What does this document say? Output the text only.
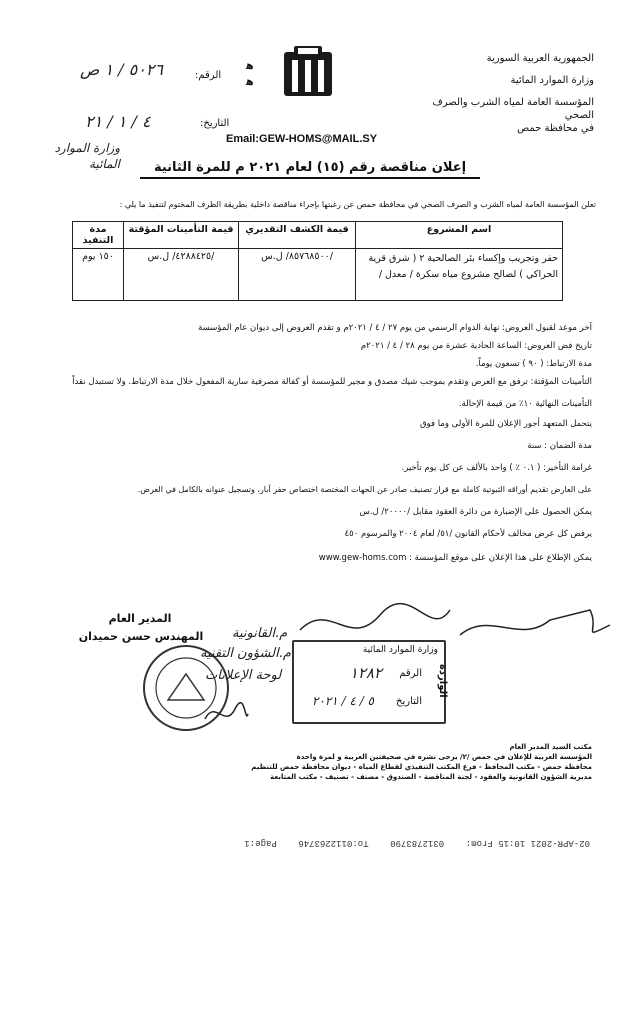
الجمهورية العربية السورية
وزارة الموارد المائية
المؤسسة العامة لمياه الشرب والصرف الصحي
في محافظة حمص
ﻫ
ﻫ
الرقم:
٥٠٢٦ / ١ ص
التاريخ:
٤ / ١ / ٢١
وزارة الموارد المائية
Email:GEW-HOMS@MAIL.SY
إعلان مناقصة رقم (١٥) لعام ٢٠٢١ م للمرة الثانية
تعلن المؤسسة العامة لمياه الشرب و الصرف الصحي في محافظة حمص عن رغبتها بإجراء مناقصة داخلية بطريقة الظرف المختوم لتنفيذ ما يلي :
اسم المشروع	قيمة الكشف التقديري	قيمة التأمينات المؤقتة	مدة التنفيذ
حفر وتجريب وإكساء بئر الصالحية ٢ ( شرق قرية الحراكي ) لصالح مشروع مياه سكرة / معدل /	/٨٥٧٦٨٥٠٠/ ل.س	/٤٢٨٨٤٢٥/ ل.س	١٥٠ يوم
آخر موعد لقبول العروض: نهاية الدوام الرسمي من يوم ٢٧ / ٤ / ٢٠٢١م و تقدم العروض إلى ديوان عام المؤسسة
تاريخ فض العروض: الساعة الحادية عشرة من يوم ٢٨ / ٤ / ٢٠٢١م
مدة الارتباط: ( ٩٠ ) تسعون يوماً.
التأمينات المؤقتة: ترفق مع العرض وتقدم بموجب شيك مصدق و مجير للمؤسسة أو كفالة مصرفية سارية المفعول خلال مدة الارتباط. ولا تستبدل نقداً
التأمينات النهائية ١٠٪ من قيمة الإحالة.
يتحمل المتعهد أجور الإعلان للمرة الأولى وما فوق
مدة الضمان : سنة
غرامة التأخير: ( ٠.١ ٪ ) واحد بالألف عن كل يوم تأخير.
على العارض تقديم أوراقه الثبوتية كاملة مع قرار تصنيف صادر عن الجهات المختصة اختصاص حفر آبار، وتسجيل عنوانه بالكامل في العرض.
يمكن الحصول على الإضبارة من دائرة العقود مقابل /٢٠٠٠٠/ ل.س
يرفض كل عرض مخالف لأحكام القانون /٥١/ لعام ٢٠٠٤ والمرسوم ٤٥٠
يمكن الإطلاع على هذا الإعلان على موقع المؤسسة : www.gew-homs.com
المدير العام
المهندس حسن حميدان	م.القانونية
م.الشؤون التقنية
لوحة الإعلانات
وزارة الموارد المائية
الواردة
الرقم
١٢٨٢
التاريخ
٥ / ٤ / ٢٠٢١
مكتب السيد المدير العام
المؤسسة العربية للإعلان في حمص /٢/ يرجى نشره في صحيفتين العربية و لمرة واحدة
محافظة حمص - مكتب المحافظ - فرع المكتب التنفيذي لقطاع المياه - ديوان محافظة حمص للتنظيم
مديرية الشؤون القانونية والعقود - لجنة المناقصة - الصندوق - مصنف - تصنيف - مكتب المتابعة
02-APR-2021 10:15 From:    0312783790    To:0112263746    Page:1
